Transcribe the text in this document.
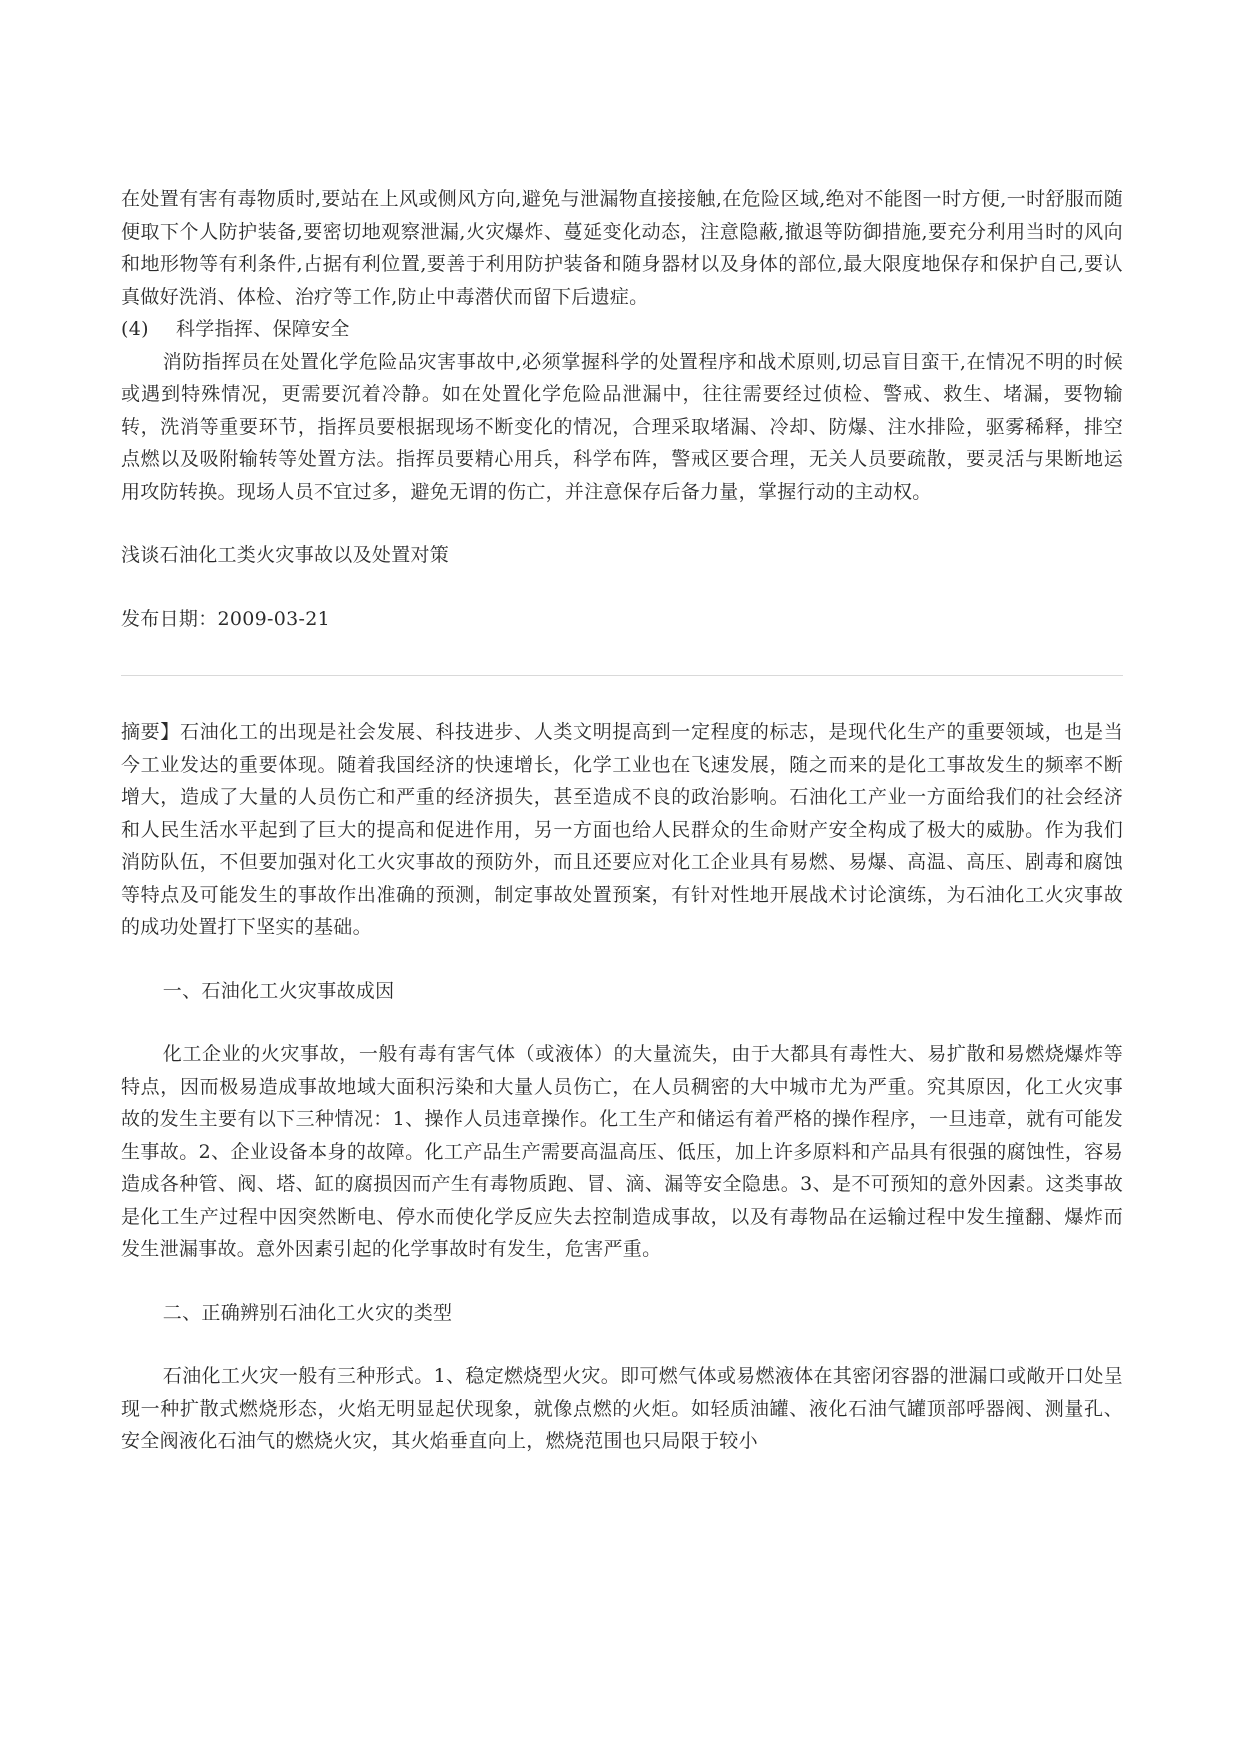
在处置有害有毒物质时,要站在上风或侧风方向,避免与泄漏物直接接触,在危险区域,绝对不能图一时方便,一时舒服而随便取下个人防护装备,要密切地观察泄漏,火灾爆炸、蔓延变化动态，注意隐蔽,撤退等防御措施,要充分利用当时的风向和地形物等有利条件,占据有利位置,要善于利用防护装备和随身器材以及身体的部位,最大限度地保存和保护自己,要认真做好洗消、体检、治疗等工作,防止中毒潜伏而留下后遗症。

(4) 科学指挥、保障安全

消防指挥员在处置化学危险品灾害事故中,必须掌握科学的处置程序和战术原则,切忌盲目蛮干,在情况不明的时候或遇到特殊情况，更需要沉着冷静。如在处置化学危险品泄漏中，往往需要经过侦检、警戒、救生、堵漏，要物输转，洗消等重要环节，指挥员要根据现场不断变化的情况，合理采取堵漏、冷却、防爆、注水排险，驱雾稀释，排空点燃以及吸附输转等处置方法。指挥员要精心用兵，科学布阵，警戒区要合理，无关人员要疏散，要灵活与果断地运用攻防转换。现场人员不宜过多，避免无谓的伤亡，并注意保存后备力量，掌握行动的主动权。

浅谈石油化工类火灾事故以及处置对策

发布日期：2009-03-21

摘要】石油化工的出现是社会发展、科技进步、人类文明提高到一定程度的标志，是现代化生产的重要领域，也是当今工业发达的重要体现。随着我国经济的快速增长，化学工业也在飞速发展，随之而来的是化工事故发生的频率不断增大，造成了大量的人员伤亡和严重的经济损失，甚至造成不良的政治影响。石油化工产业一方面给我们的社会经济和人民生活水平起到了巨大的提高和促进作用，另一方面也给人民群众的生命财产安全构成了极大的威胁。作为我们消防队伍，不但要加强对化工火灾事故的预防外，而且还要应对化工企业具有易燃、易爆、高温、高压、剧毒和腐蚀等特点及可能发生的事故作出准确的预测，制定事故处置预案，有针对性地开展战术讨论演练，为石油化工火灾事故的成功处置打下坚实的基础。

一、石油化工火灾事故成因

化工企业的火灾事故，一般有毒有害气体（或液体）的大量流失，由于大都具有毒性大、易扩散和易燃烧爆炸等特点，因而极易造成事故地域大面积污染和大量人员伤亡，在人员稠密的大中城市尤为严重。究其原因，化工火灾事故的发生主要有以下三种情况：1、操作人员违章操作。化工生产和储运有着严格的操作程序，一旦违章，就有可能发生事故。2、企业设备本身的故障。化工产品生产需要高温高压、低压，加上许多原料和产品具有很强的腐蚀性，容易造成各种管、阀、塔、缸的腐损因而产生有毒物质跑、冒、滴、漏等安全隐患。3、是不可预知的意外因素。这类事故是化工生产过程中因突然断电、停水而使化学反应失去控制造成事故，以及有毒物品在运输过程中发生撞翻、爆炸而发生泄漏事故。意外因素引起的化学事故时有发生，危害严重。

二、正确辨别石油化工火灾的类型

石油化工火灾一般有三种形式。1、稳定燃烧型火灾。即可燃气体或易燃液体在其密闭容器的泄漏口或敞开口处呈现一种扩散式燃烧形态，火焰无明显起伏现象，就像点燃的火炬。如轻质油罐、液化石油气罐顶部呼器阀、测量孔、安全阀液化石油气的燃烧火灾，其火焰垂直向上，燃烧范围也只局限于较小
